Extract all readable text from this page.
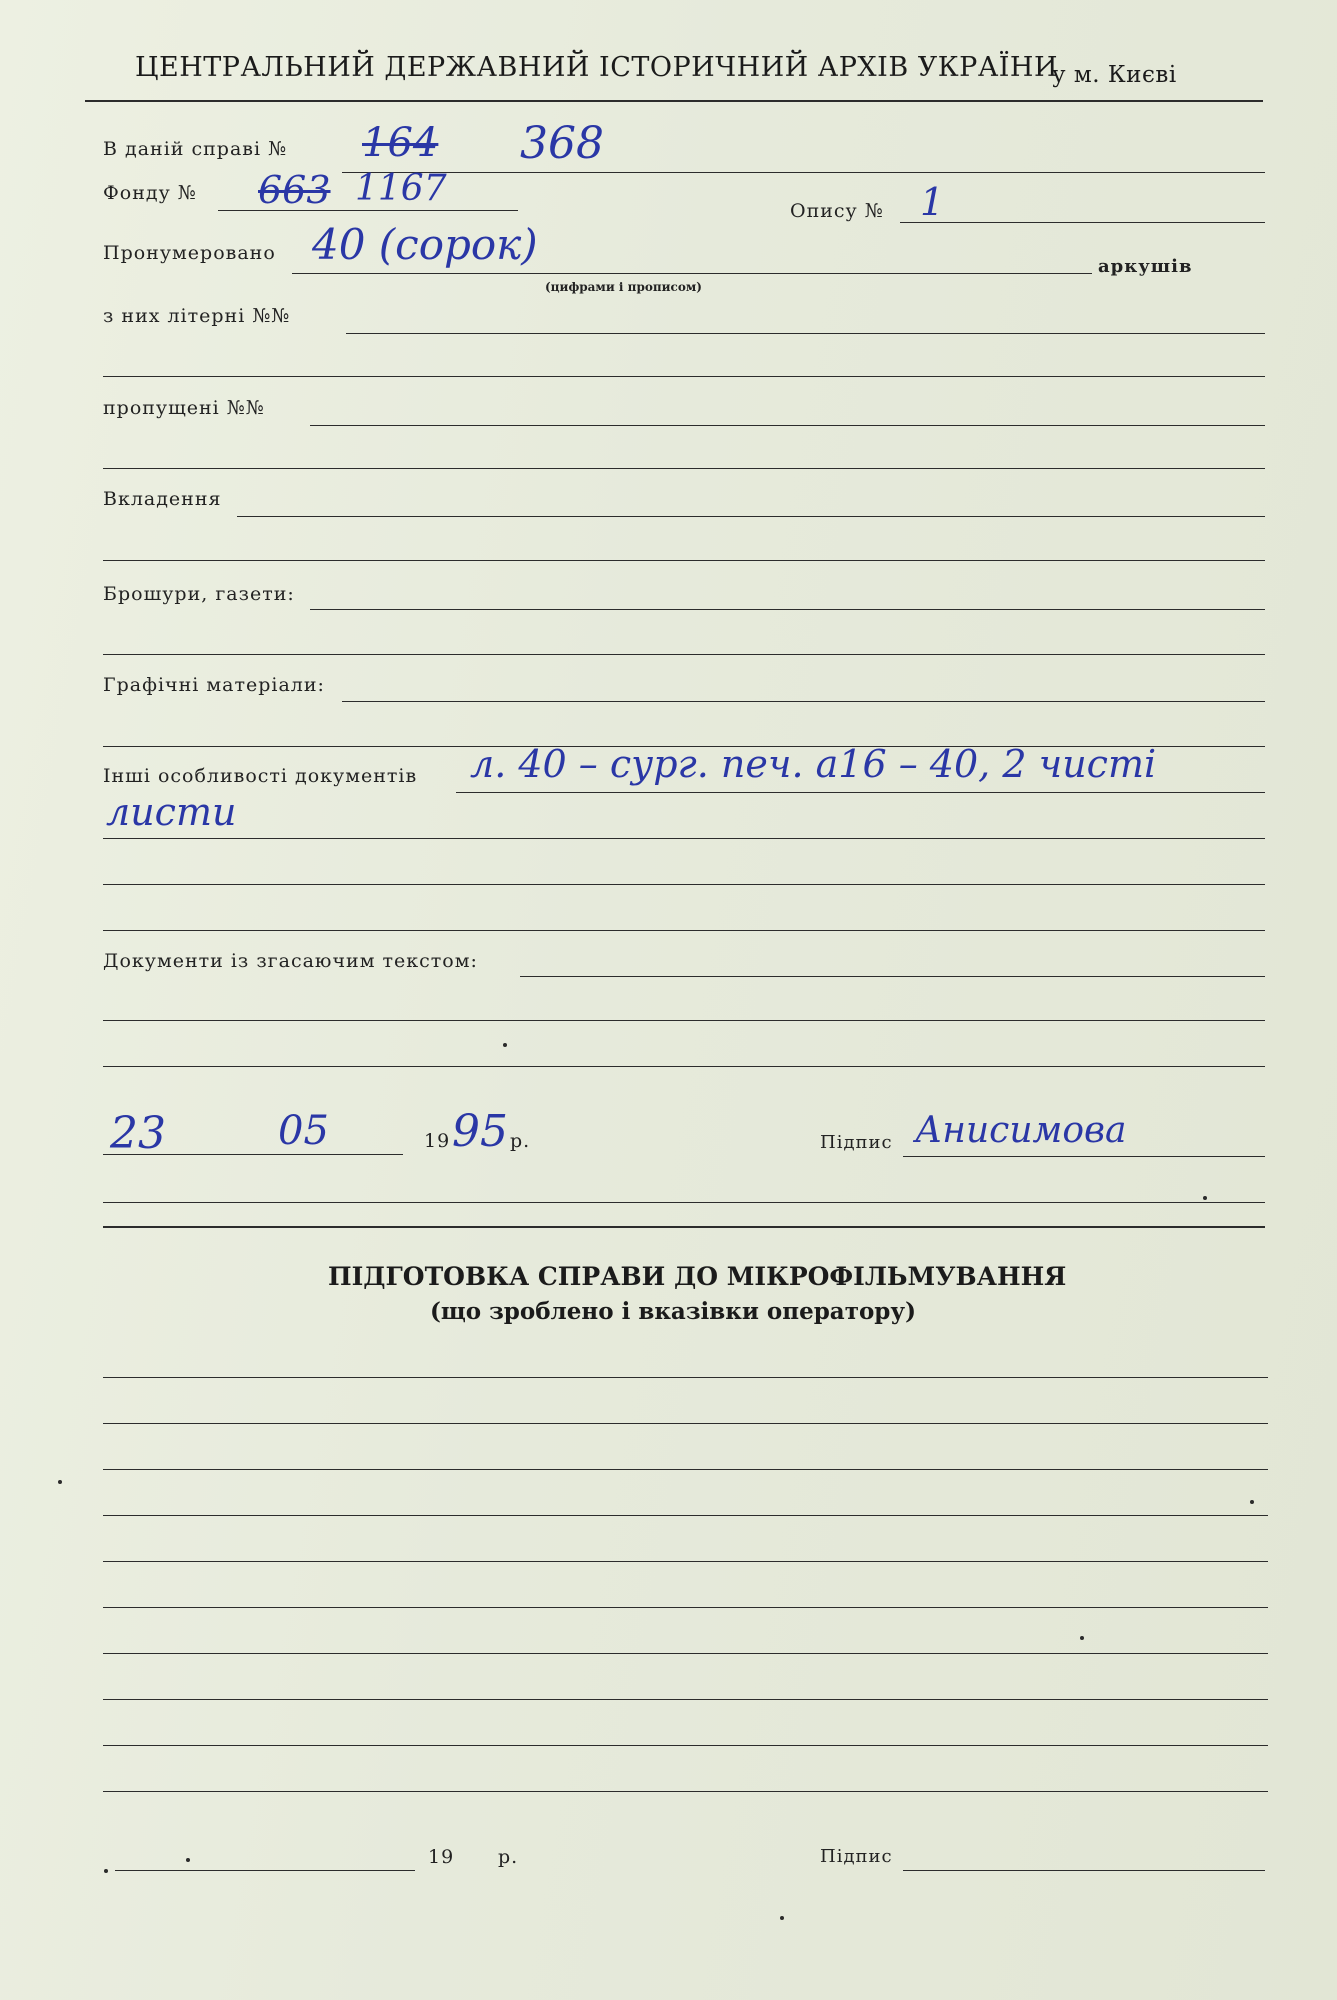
ЦЕНТРАЛЬНИЙ ДЕРЖАВНИЙ ІСТОРИЧНИЙ АРХІВ УКРАЇНИ
у м. Києві
В даній справі № 164 368
Фонду № 663 1167
Опису № 1
Пронумеровано 40 (сорок)	аркушів
(цифрами і прописом)
з них літерні №№
пропущені №№
Вкладення
Брошури, газети:
Графічні матеріали:
Інші особливості документів л. 40 – сург. печ. а16 – 40, 2 чисті
листи
Документи із згасаючим текстом:
23	05	19 95 р.	Підпис Анисимова
ПІДГОТОВКА СПРАВИ ДО МІКРОФІЛЬМУВАННЯ
(що зроблено і вказівки оператору)
19 р.	Підпис
